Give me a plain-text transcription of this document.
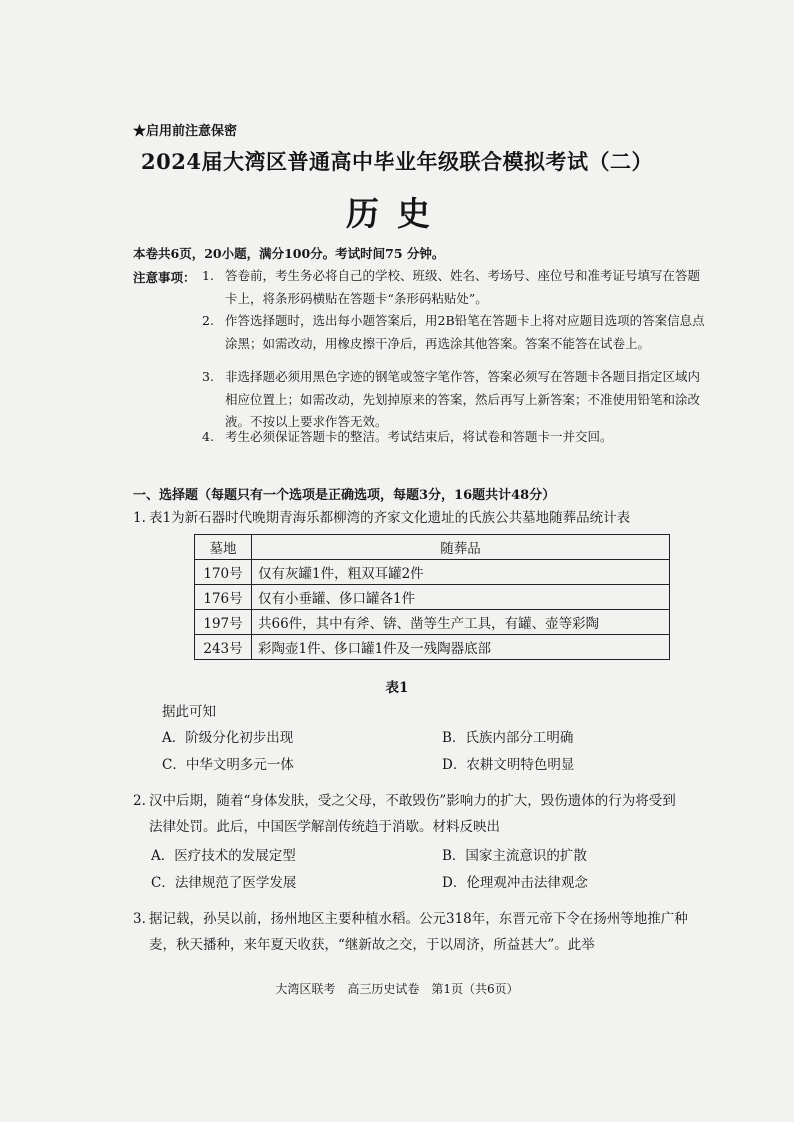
★启用前注意保密
2024届大湾区普通高中毕业年级联合模拟考试（二）
历史
本卷共6页，20小题，满分100分。考试时间75 分钟。
注意事项： 1. 答卷前，考生务必将自己的学校、班级、姓名、考场号、座位号和准考证号填写在答题卡上，将条形码横贴在答题卡“条形码粘贴处”。
2. 作答选择题时，选出每小题答案后，用2B铅笔在答题卡上将对应题目选项的答案信息点涂黑；如需改动，用橡皮擦干净后，再选涂其他答案。答案不能答在试卷上。
3. 非选择题必须用黑色字迹的钢笔或签字笔作答，答案必须写在答题卡各题目指定区域内相应位置上；如需改动，先划掉原来的答案，然后再写上新答案；不准使用铅笔和涂改液。不按以上要求作答无效。
4. 考生必须保证答题卡的整洁。考试结束后，将试卷和答题卡一并交回。
一、选择题（每题只有一个选项是正确选项，每题3分，16题共计48分）
1. 表1为新石器时代晚期青海乐都柳湾的齐家文化遗址的氏族公共墓地随葬品统计表
墓地	随葬品
170号	仅有灰罐1件，粗双耳罐2件
176号	仅有小垂罐、侈口罐各1件
197号	共66件，其中有斧、锛、凿等生产工具，有罐、壶等彩陶
243号	彩陶壶1件、侈口罐1件及一残陶器底部
表1
据此可知
A．阶级分化初步出现	B．氏族内部分工明确
C．中华文明多元一体	D．农耕文明特色明显
2. 汉中后期，随着“身体发肤，受之父母，不敢毁伤”影响力的扩大，毁伤遗体的行为将受到法律处罚。此后，中国医学解剖传统趋于消歇。材料反映出
A．医疗技术的发展定型	B．国家主流意识的扩散
C．法律规范了医学发展	D．伦理观冲击法律观念
3. 据记载，孙吴以前，扬州地区主要种植水稻。公元318年，东晋元帝下令在扬州等地推广种麦，秋天播种，来年夏天收获，“继新故之交，于以周济，所益甚大”。此举
大湾区联考　高三历史试卷　第1页（共6页）
